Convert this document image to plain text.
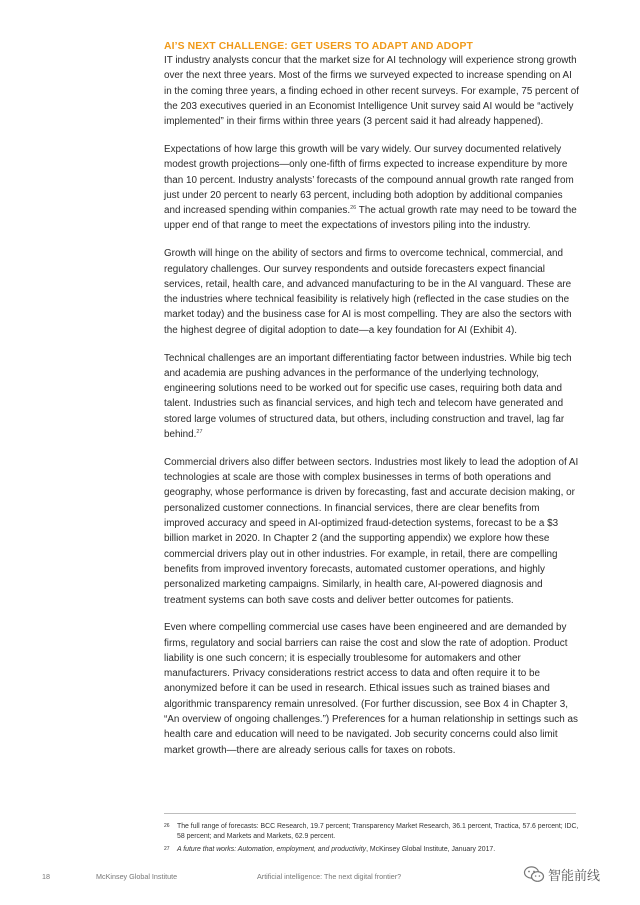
AI’S NEXT CHALLENGE: GET USERS TO ADAPT AND ADOPT

IT industry analysts concur that the market size for AI technology will experience strong growth over the next three years. Most of the firms we surveyed expected to increase spending on AI in the coming three years, a finding echoed in other recent surveys. For example, 75 percent of the 203 executives queried in an Economist Intelligence Unit survey said AI would be “actively implemented” in their firms within three years (3 percent said it had already happened).

Expectations of how large this growth will be vary widely. Our survey documented relatively modest growth projections—only one-fifth of firms expected to increase expenditure by more than 10 percent. Industry analysts’ forecasts of the compound annual growth rate ranged from just under 20 percent to nearly 63 percent, including both adoption by additional companies and increased spending within companies.$^{26}$ The actual growth rate may need to be toward the upper end of that range to meet the expectations of investors piling into the industry.

Growth will hinge on the ability of sectors and firms to overcome technical, commercial, and regulatory challenges. Our survey respondents and outside forecasters expect financial services, retail, health care, and advanced manufacturing to be in the AI vanguard. These are the industries where technical feasibility is relatively high (reflected in the case studies on the market today) and the business case for AI is most compelling. They are also the sectors with the highest degree of digital adoption to date—a key foundation for AI (Exhibit 4).

Technical challenges are an important differentiating factor between industries. While big tech and academia are pushing advances in the performance of the underlying technology, engineering solutions need to be worked out for specific use cases, requiring both data and talent. Industries such as financial services, and high tech and telecom have generated and stored large volumes of structured data, but others, including construction and travel, lag far behind.$^{27}$

Commercial drivers also differ between sectors. Industries most likely to lead the adoption of AI technologies at scale are those with complex businesses in terms of both operations and geography, whose performance is driven by forecasting, fast and accurate decision making, or personalized customer connections. In financial services, there are clear benefits from improved accuracy and speed in AI-optimized fraud-detection systems, forecast to be a $3 billion market in 2020. In Chapter 2 (and the supporting appendix) we explore how these commercial drivers play out in other industries. For example, in retail, there are compelling benefits from improved inventory forecasts, automated customer operations, and highly personalized marketing campaigns. Similarly, in health care, AI-powered diagnosis and treatment systems can both save costs and deliver better outcomes for patients.

Even where compelling commercial use cases have been engineered and are demanded by firms, regulatory and social barriers can raise the cost and slow the rate of adoption. Product liability is one such concern; it is especially troublesome for automakers and other manufacturers. Privacy considerations restrict access to data and often require it to be anonymized before it can be used in research. Ethical issues such as trained biases and algorithmic transparency remain unresolved. (For further discussion, see Box 4 in Chapter 3, “An overview of ongoing challenges.”) Preferences for a human relationship in settings such as health care and education will need to be navigated. Job security concerns could also limit market growth—there are already serious calls for taxes on robots.

26 The full range of forecasts: BCC Research, 19.7 percent; Transparency Market Research, 36.1 percent, Tractica, 57.6 percent; IDC, 58 percent; and Markets and Markets, 62.9 percent.
27 A future that works: Automation, employment, and productivity, McKinsey Global Institute, January 2017.
18	McKinsey Global Institute	Artificial intelligence: The next digital frontier?	智能前线
